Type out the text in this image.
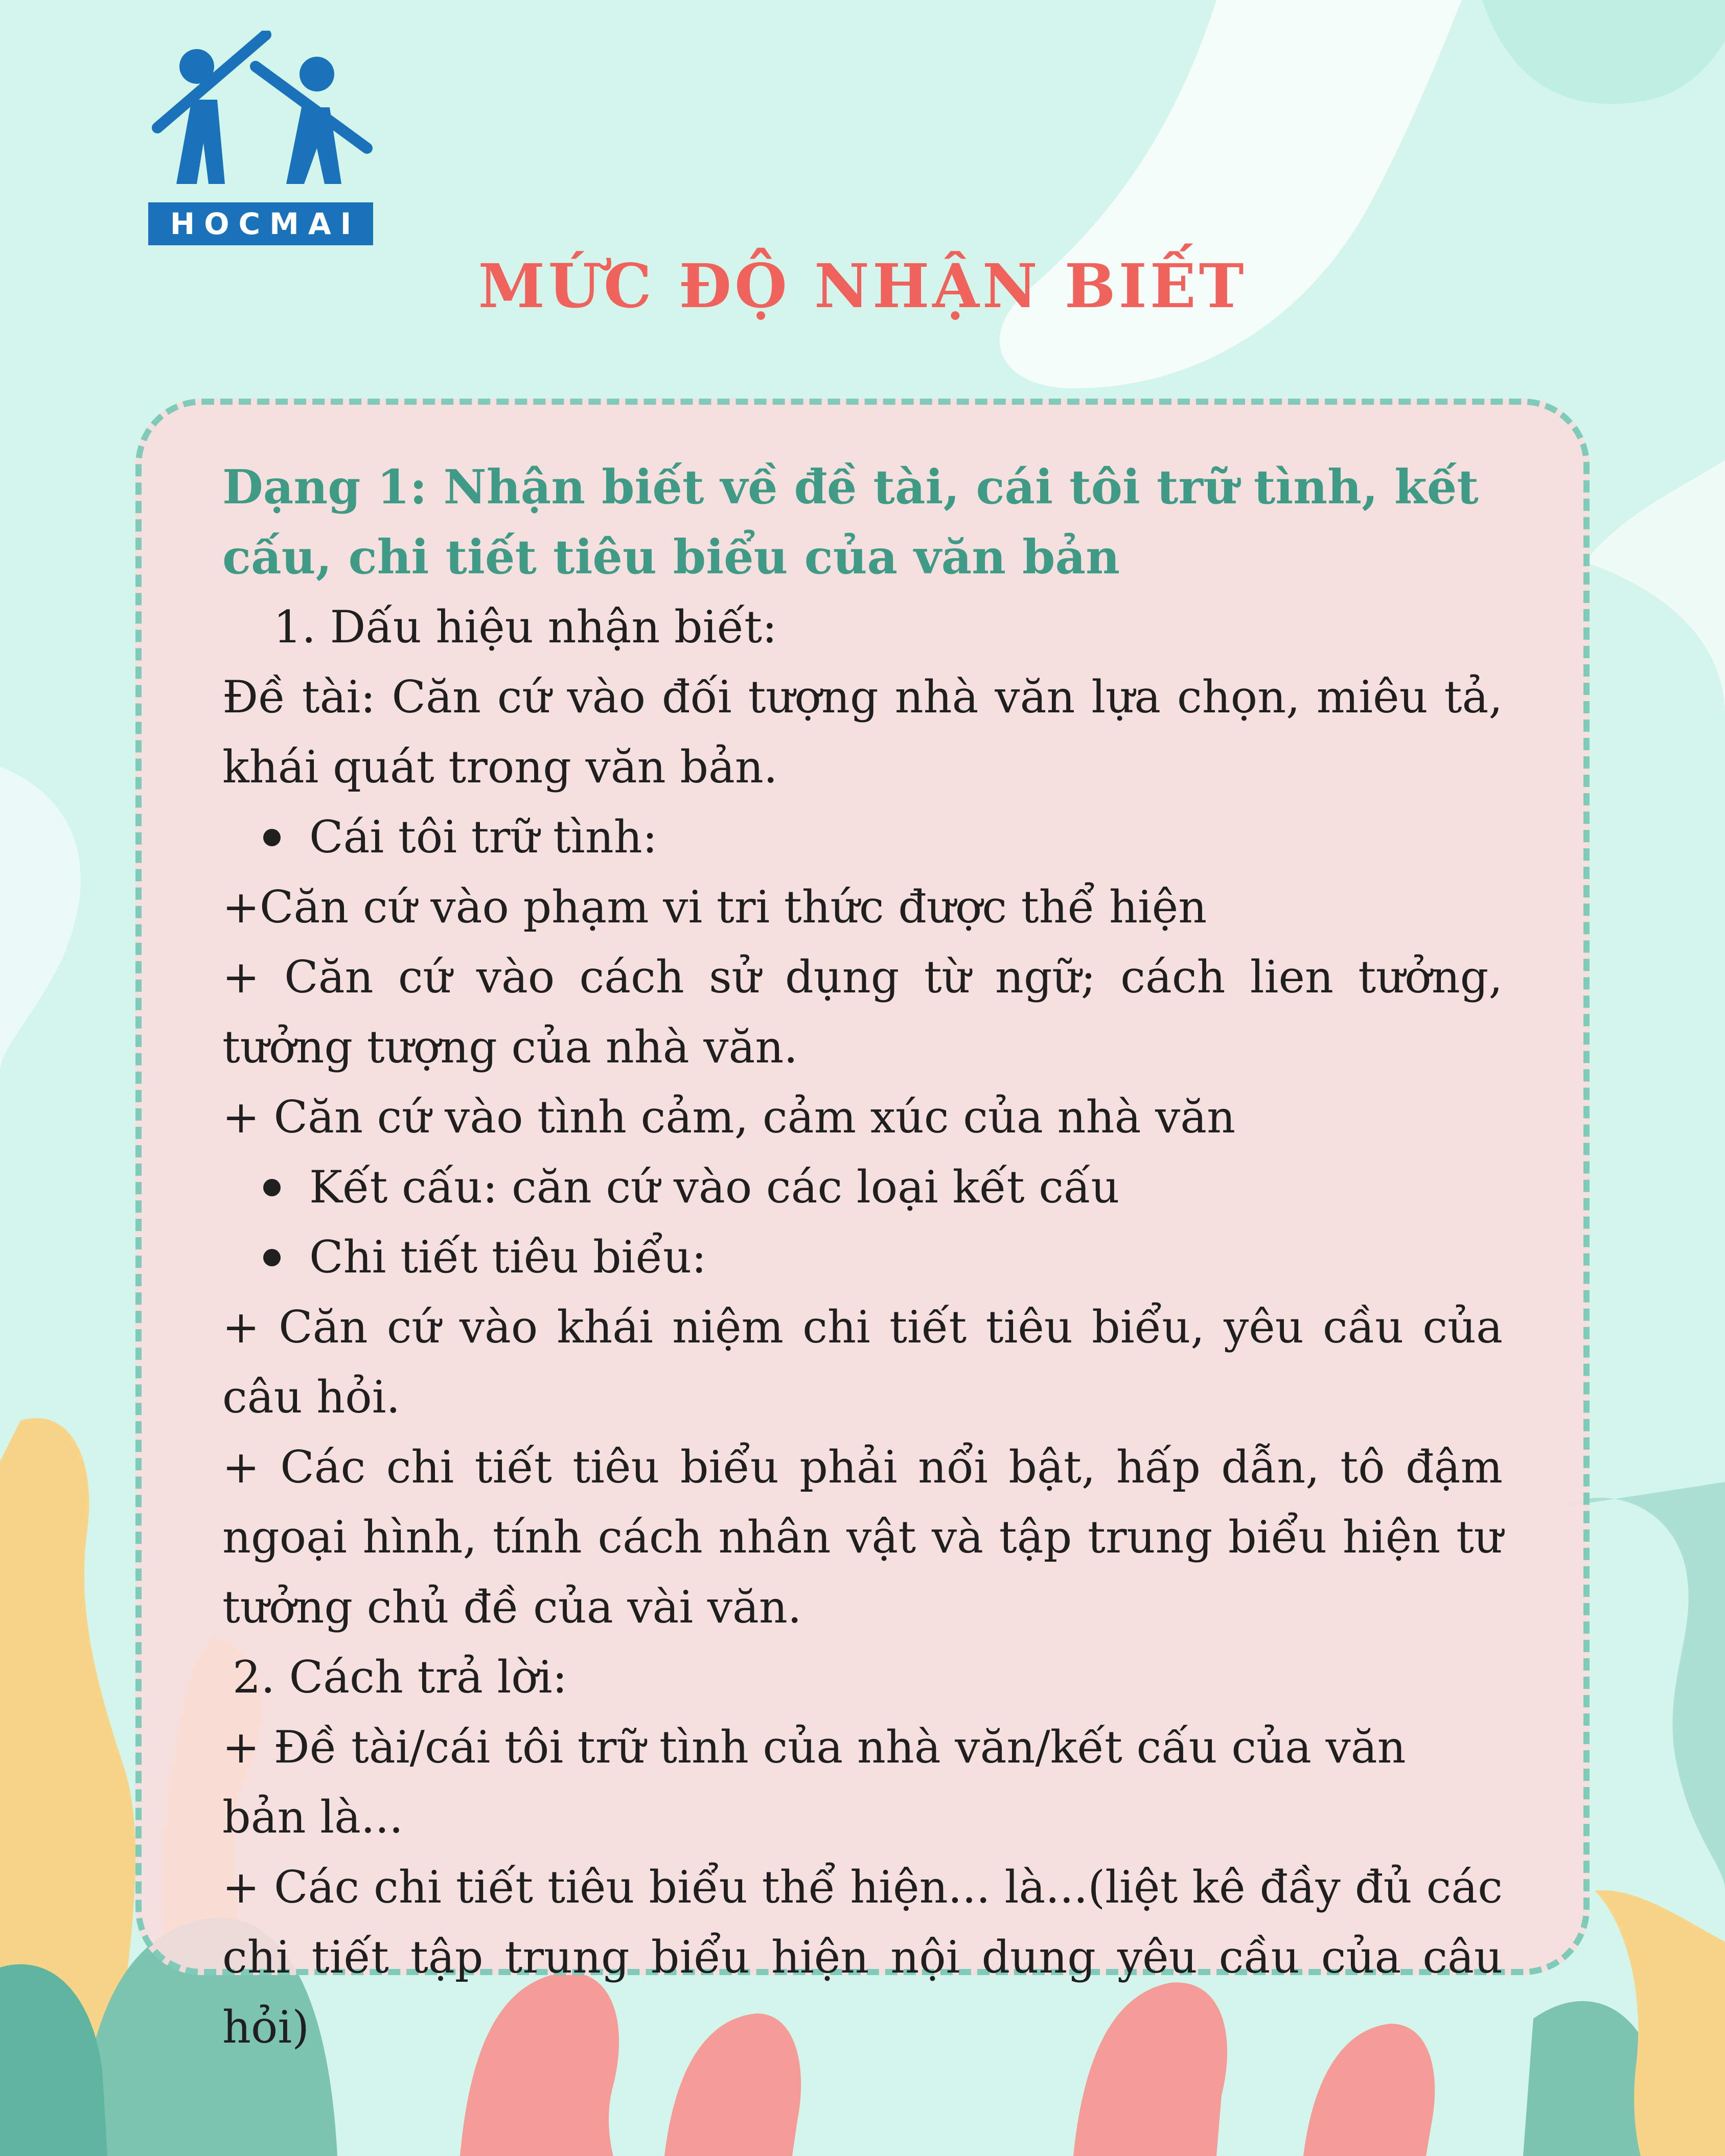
HOCMAI
MỨC ĐỘ NHẬN BIẾT

Dạng 1: Nhận biết về đề tài, cái tôi trữ tình, kết cấu, chi tiết tiêu biểu của văn bản

1. Dấu hiệu nhận biết:

Đề tài: Căn cứ vào đối tượng nhà văn lựa chọn, miêu tả, khái quát trong văn bản.

Cái tôi trữ tình:

+Căn cứ vào phạm vi tri thức được thể hiện

+ Căn cứ vào cách sử dụng từ ngữ; cách lien tưởng, tưởng tượng của nhà văn.

+ Căn cứ vào tình cảm, cảm xúc của nhà văn

Kết cấu: căn cứ vào các loại kết cấu

Chi tiết tiêu biểu:

+ Căn cứ vào khái niệm chi tiết tiêu biểu, yêu cầu của câu hỏi.

+ Các chi tiết tiêu biểu phải nổi bật, hấp dẫn, tô đậm ngoại hình, tính cách nhân vật và tập trung biểu hiện tư tưởng chủ đề của vài văn.

2. Cách trả lời:

+ Đề tài/cái tôi trữ tình của nhà văn/kết cấu của văn bản là...

+ Các chi tiết tiêu biểu thể hiện... là...(liệt kê đầy đủ các chi tiết tập trung biểu hiện nội dung yêu cầu của câu hỏi)
